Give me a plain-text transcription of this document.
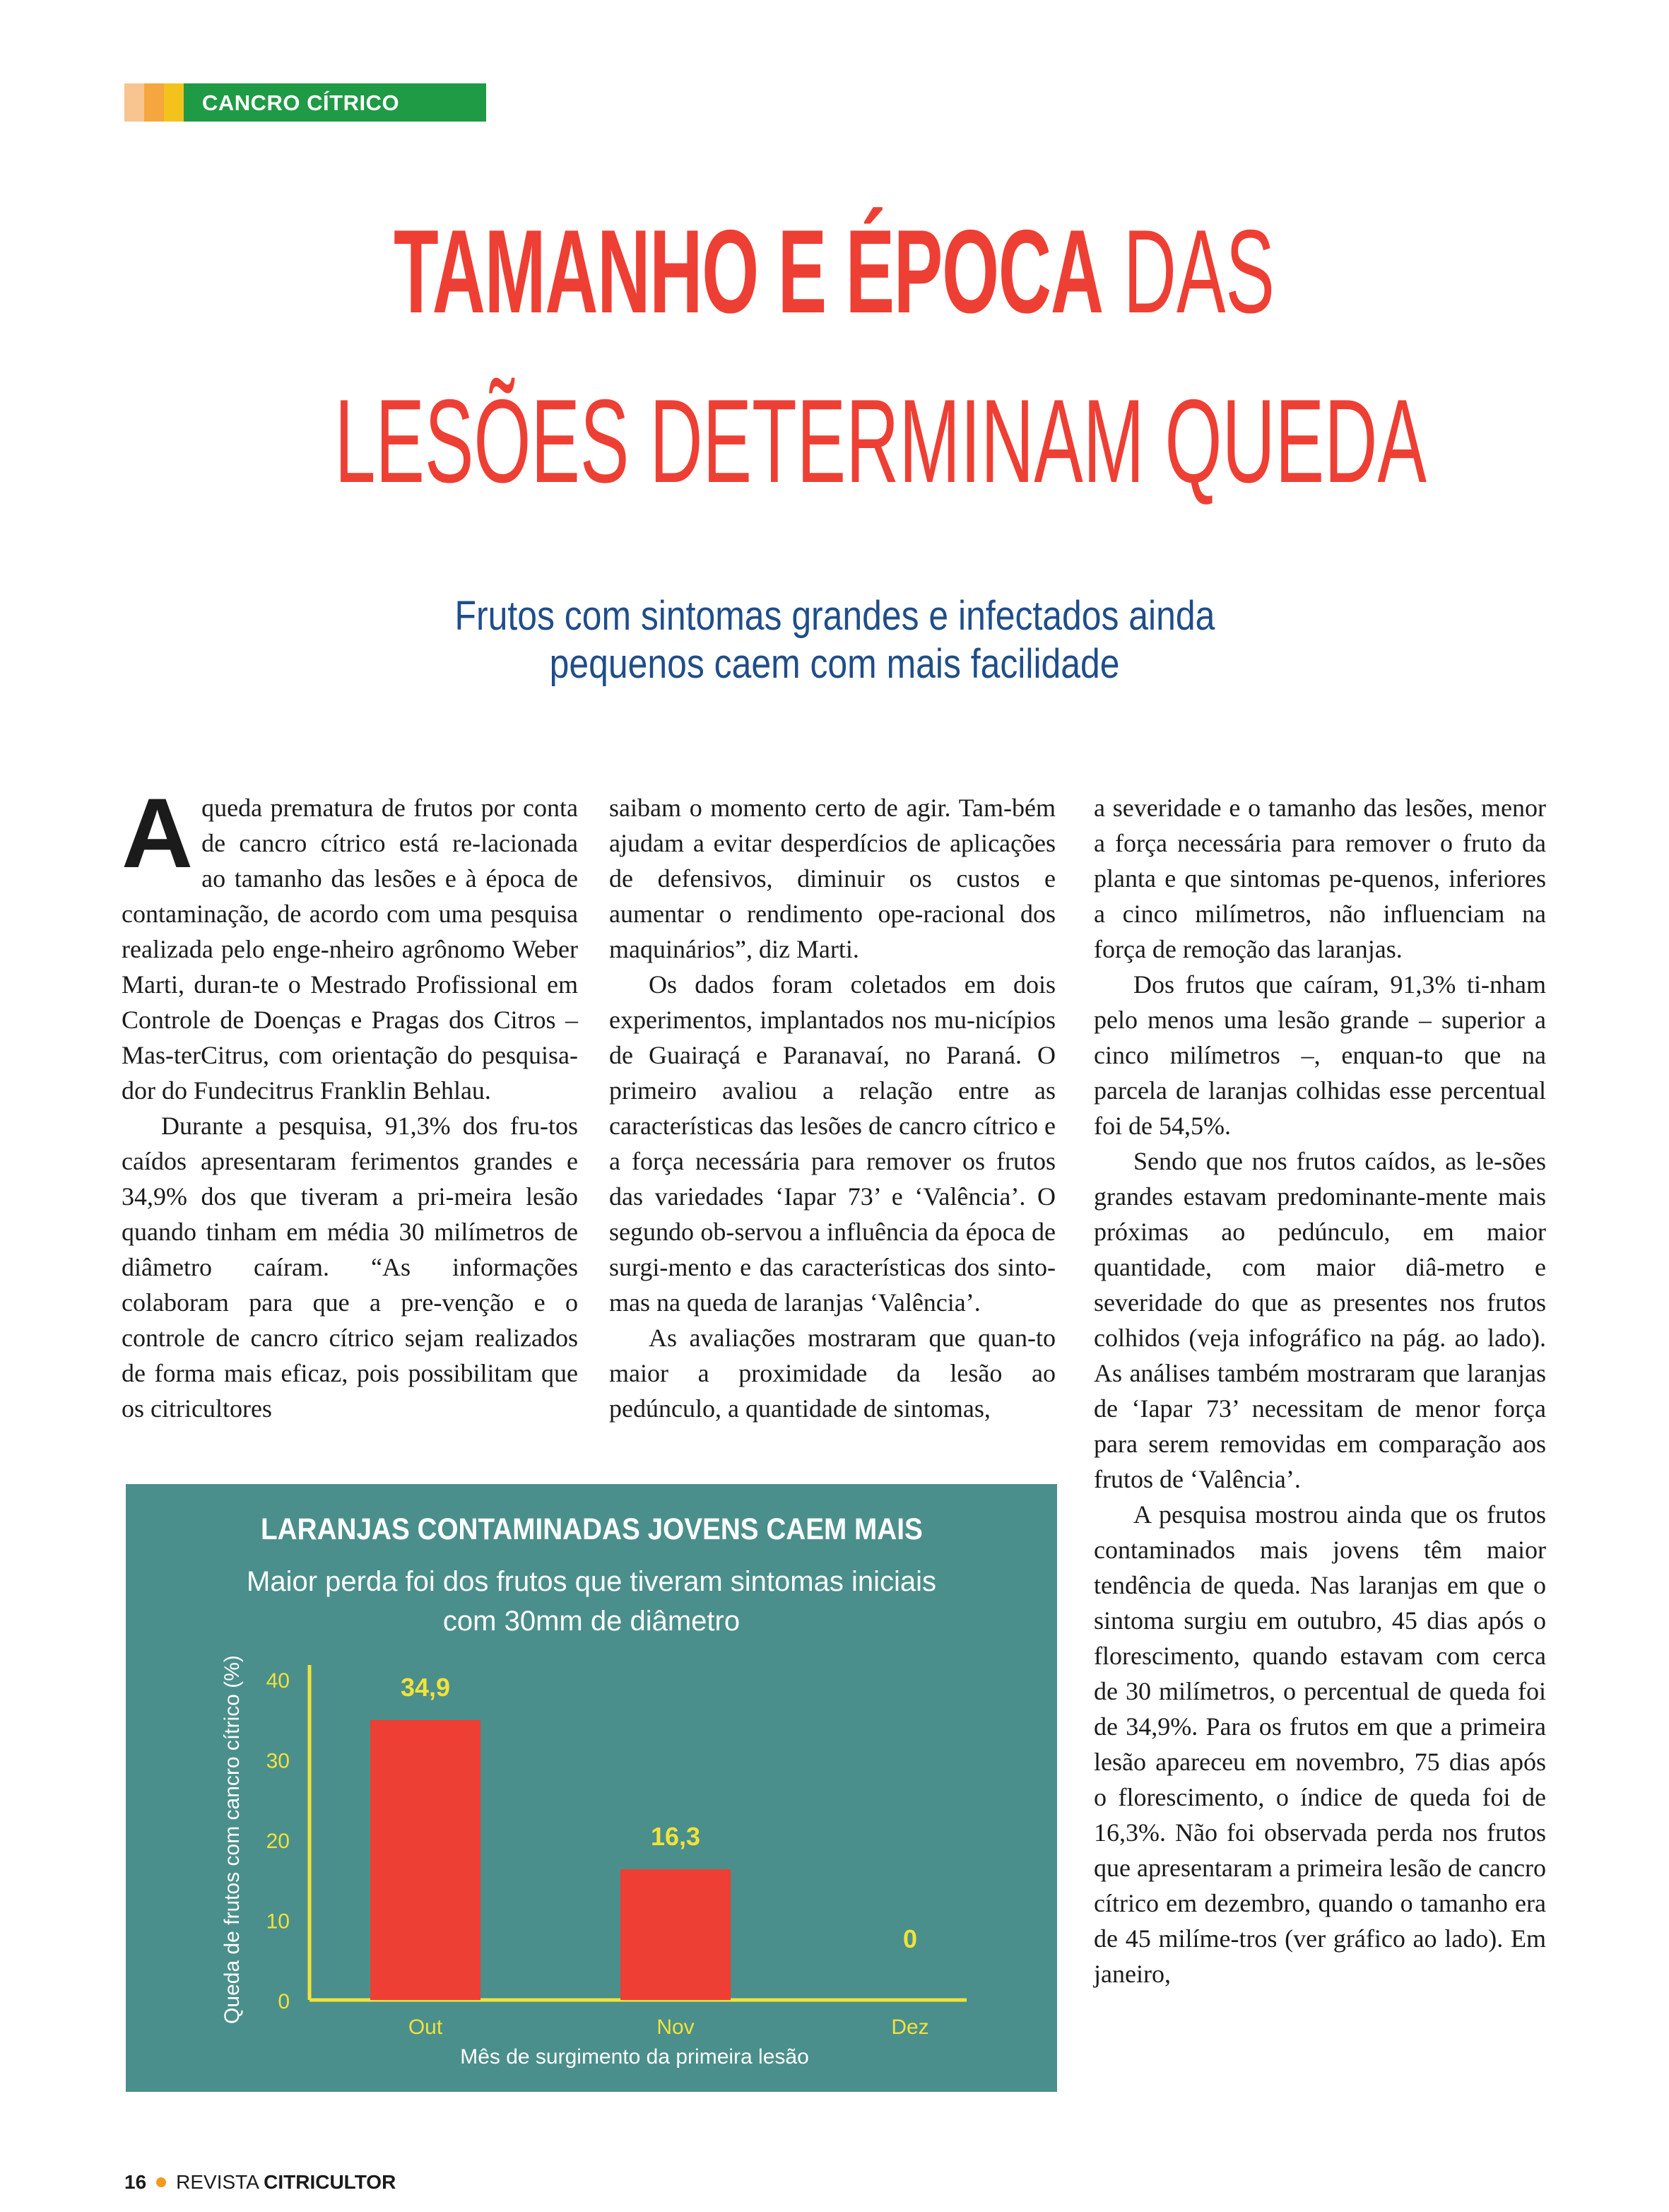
CANCRO CÍTRICO
TAMANHO E ÉPOCA DAS
LESÕES DETERMINAM QUEDA
Frutos com sintomas grandes e infectados ainda
pequenos caem com mais facilidade

Aqueda prematura de frutos por conta de cancro cítrico está re-lacionada ao tamanho das lesões e à época de contaminação, de acordo com uma pesquisa realizada pelo enge-nheiro agrônomo Weber Marti, duran-te o Mestrado Profissional em Controle de Doenças e Pragas dos Citros – Mas-terCitrus, com orientação do pesquisa-dor do Fundecitrus Franklin Behlau.

Durante a pesquisa, 91,3% dos fru-tos caídos apresentaram ferimentos grandes e 34,9% dos que tiveram a pri-meira lesão quando tinham em média 30 milímetros de diâmetro caíram. “As informações colaboram para que a pre-venção e o controle de cancro cítrico sejam realizados de forma mais eficaz, pois possibilitam que os citricultores

saibam o momento certo de agir. Tam-bém ajudam a evitar desperdícios de aplicações de defensivos, diminuir os custos e aumentar o rendimento ope-racional dos maquinários”, diz Marti.

Os dados foram coletados em dois experimentos, implantados nos mu-nicípios de Guairaçá e Paranavaí, no Paraná. O primeiro avaliou a relação entre as características das lesões de cancro cítrico e a força necessária para remover os frutos das variedades ‘Iapar 73’ e ‘Valência’. O segundo ob-servou a influência da época de surgi-mento e das características dos sinto-mas na queda de laranjas ‘Valência’.

As avaliações mostraram que quan-to maior a proximidade da lesão ao pedúnculo, a quantidade de sintomas,

a severidade e o tamanho das lesões, menor a força necessária para remover o fruto da planta e que sintomas pe-quenos, inferiores a cinco milímetros, não influenciam na força de remoção das laranjas.

Dos frutos que caíram, 91,3% ti-nham pelo menos uma lesão grande – superior a cinco milímetros –, enquan-to que na parcela de laranjas colhidas esse percentual foi de 54,5%.

Sendo que nos frutos caídos, as le-sões grandes estavam predominante-mente mais próximas ao pedúnculo, em maior quantidade, com maior diâ-metro e severidade do que as presentes nos frutos colhidos (veja infográfico na pág. ao lado). As análises também mostraram que laranjas de ‘Iapar 73’ necessitam de menor força para serem removidas em comparação aos frutos de ‘Valência’.

A pesquisa mostrou ainda que os frutos contaminados mais jovens têm maior tendência de queda. Nas laranjas em que o sintoma surgiu em outubro, 45 dias após o florescimento, quando estavam com cerca de 30 milímetros, o percentual de queda foi de 34,9%. Para os frutos em que a primeira lesão apareceu em novembro, 75 dias após o florescimento, o índice de queda foi de 16,3%. Não foi observada perda nos frutos que apresentaram a primeira lesão de cancro cítrico em dezembro, quando o tamanho era de 45 milíme-tros (ver gráfico ao lado). Em janeiro,

LARANJAS CONTAMINADAS JOVENS CAEM MAIS
Maior perda foi dos frutos que tiveram sintomas iniciais
com 30mm de diâmetro
0
10
20
30
40
Queda de frutos com cancro cítrico (%)	34,9
Out
16,3
Nov
0
Dez
Mês de surgimento da primeira lesão
16 REVISTA CITRICULTOR
